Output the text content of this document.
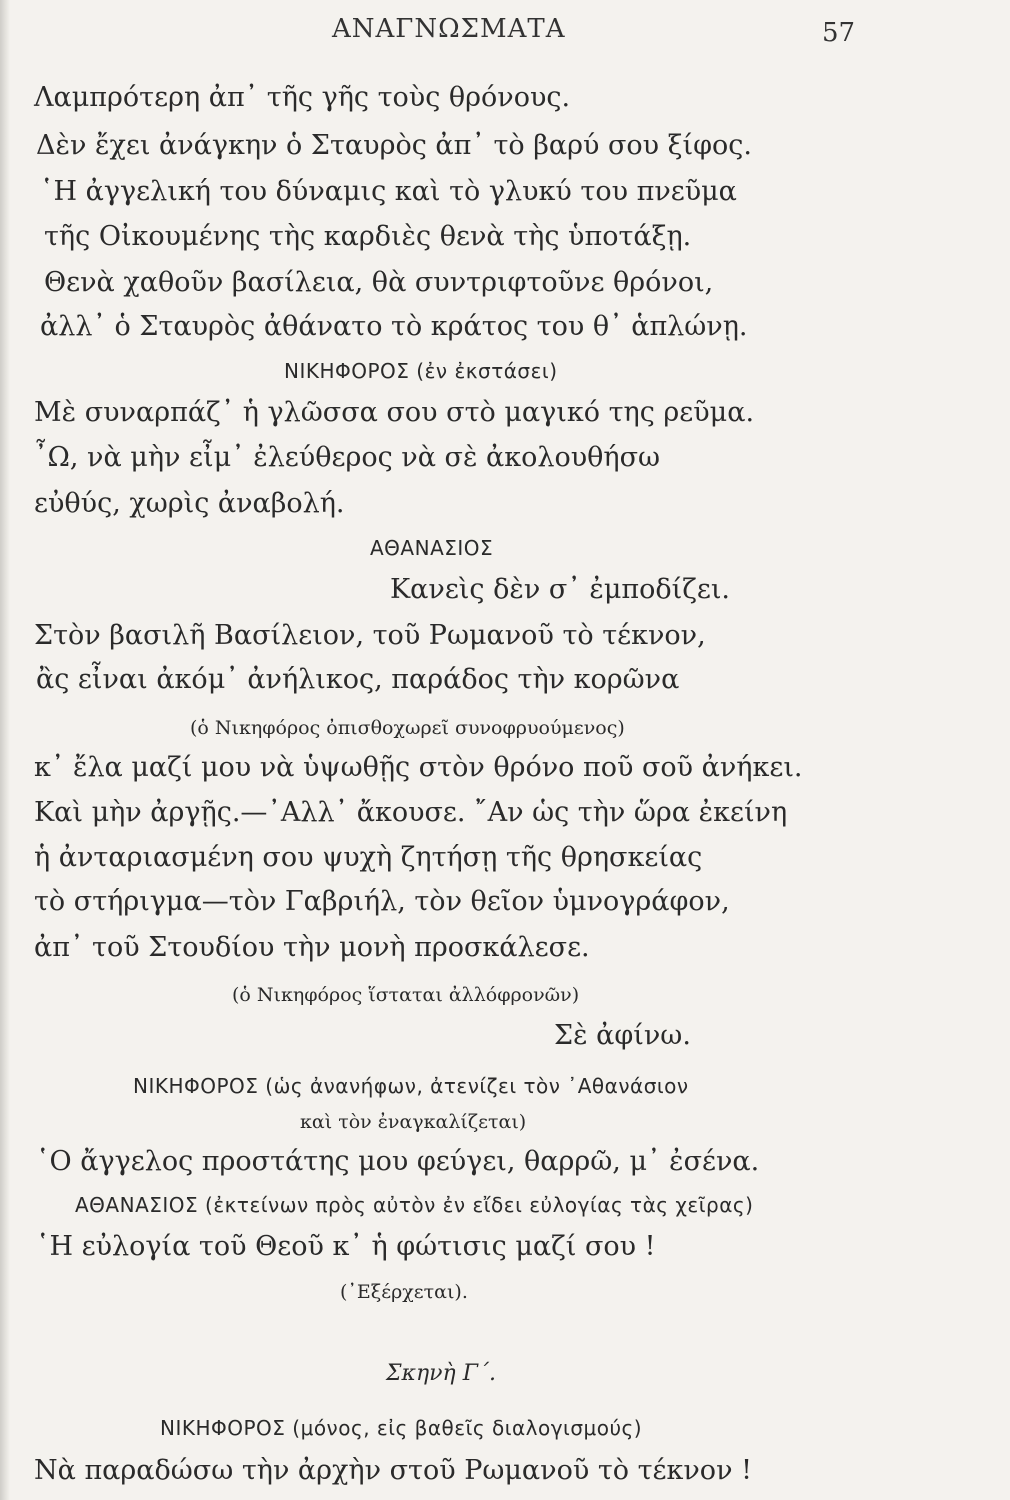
ΑΝΑΓΝΩΣΜΑΤΑ	57
Λαμπρότερη ἀπ᾿ τῆς γῆς τοὺς θρόνους.
Δὲν ἔχει ἀνάγκην ὁ Σταυρὸς ἀπ᾿ τὸ βαρύ σου ξίφος.
῾Η ἀγγελική του δύναμις καὶ τὸ γλυκύ του πνεῦμα
τῆς Οἰκουμένης τὴς καρδιὲς θενὰ τὴς ὑποτάξῃ.
Θενὰ χαθοῦν βασίλεια, θὰ συντριφτοῦνε θρόνοι,
ἀλλ᾿ ὁ Σταυρὸς ἀθάνατο τὸ κράτος του θ᾿ ἁπλώνῃ.
ΝΙΚΗΦΟΡΟΣ (ἐν ἐκστάσει)
Μὲ συναρπάζ᾿ ἡ γλῶσσα σου στὸ μαγικό της ρεῦμα.
῏Ω, νὰ μὴν εἶμ᾿ ἐλεύθερος νὰ σὲ ἀκολουθήσω
εὐθύς, χωρὶς ἀναβολή.
ΑΘΑΝΑΣΙΟΣ
Κανεὶς δὲν σ᾿ ἐμποδίζει.
Στὸν βασιλῆ Βασίλειον, τοῦ Ρωμανοῦ τὸ τέκνον,
ἂς εἶναι ἀκόμ᾿ ἀνήλικος, παράδος τὴν κορῶνα
(ὁ Νικηφόρος ὀπισθοχωρεῖ συνοφρυούμενος)
κ᾿ ἔλα μαζί μου νὰ ὑψωθῇς στὸν θρόνο ποῦ σοῦ ἀνήκει.
Καὶ μὴν ἀργῇς.—᾿Αλλ᾿ ἄκουσε. ῎Αν ὡς τὴν ὥρα ἐκείνη
ἡ ἀνταριασμένη σου ψυχὴ ζητήσῃ τῆς θρησκείας
τὸ στήριγμα—τὸν Γαβριήλ, τὸν θεῖον ὑμνογράφον,
ἀπ᾿ τοῦ Στουδίου τὴν μονὴ προσκάλεσε.
(ὁ Νικηφόρος ἵσταται ἀλλόφρονῶν)
Σὲ ἀφίνω.
ΝΙΚΗΦΟΡΟΣ (ὡς ἀνανήφων, ἀτενίζει τὸν ᾿Αθανάσιον
καὶ τὸν ἐναγκαλίζεται)
῾Ο ἄγγελος προστάτης μου φεύγει, θαρρῶ, μ᾿ ἐσένα.
ΑΘΑΝΑΣΙΟΣ (ἐκτείνων πρὸς αὐτὸν ἐν εἴδει εὐλογίας τὰς χεῖρας)
῾Η εὐλογία τοῦ Θεοῦ κ᾿ ἡ φώτισις μαζί σου !
(᾿Εξέρχεται).
Σκηνὴ Γ΄.
ΝΙΚΗΦΟΡΟΣ (μόνος, εἰς βαθεῖς διαλογισμούς)
Νὰ παραδώσω τὴν ἀρχὴν στοῦ Ρωμανοῦ τὸ τέκνον !
